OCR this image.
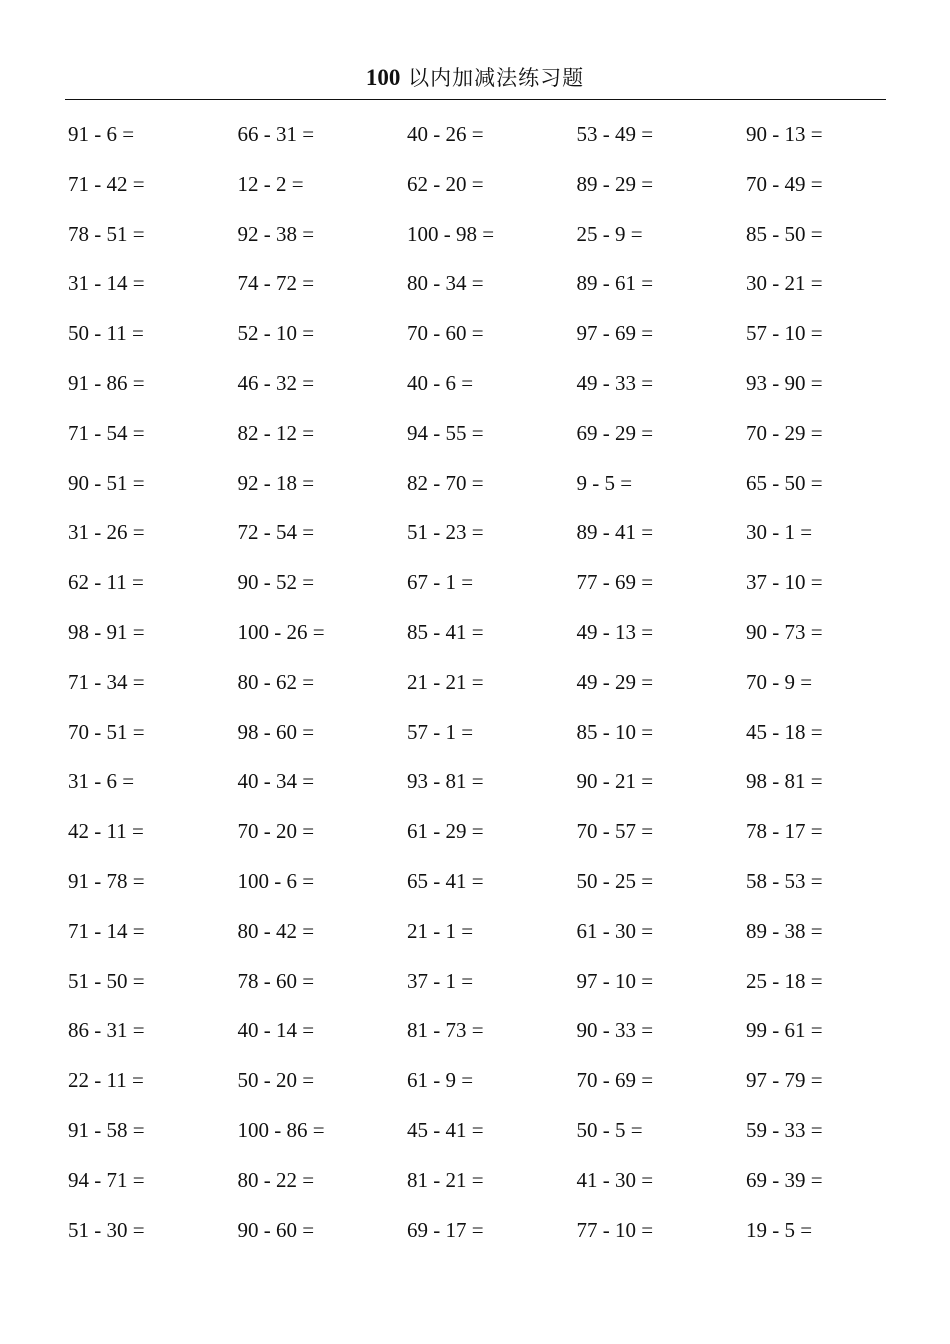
100 以内加减法练习题
91 - 6 =	66 - 31 =	40 - 26 =	53 - 49 =	90 - 13 =
71 - 42 =	12 - 2 =	62 - 20 =	89 - 29 =	70 - 49 =
78 - 51 =	92 - 38 =	100 - 98 =	25 - 9 =	85 - 50 =
31 - 14 =	74 - 72 =	80 - 34 =	89 - 61 =	30 - 21 =
50 - 11 =	52 - 10 =	70 - 60 =	97 - 69 =	57 - 10 =
91 - 86 =	46 - 32 =	40 - 6 =	49 - 33 =	93 - 90 =
71 - 54 =	82 - 12 =	94 - 55 =	69 - 29 =	70 - 29 =
90 - 51 =	92 - 18 =	82 - 70 =	9 - 5 =	65 - 50 =
31 - 26 =	72 - 54 =	51 - 23 =	89 - 41 =	30 - 1 =
62 - 11 =	90 - 52 =	67 - 1 =	77 - 69 =	37 - 10 =
98 - 91 =	100 - 26 =	85 - 41 =	49 - 13 =	90 - 73 =
71 - 34 =	80 - 62 =	21 - 21 =	49 - 29 =	70 - 9 =
70 - 51 =	98 - 60 =	57 - 1 =	85 - 10 =	45 - 18 =
31 - 6 =	40 - 34 =	93 - 81 =	90 - 21 =	98 - 81 =
42 - 11 =	70 - 20 =	61 - 29 =	70 - 57 =	78 - 17 =
91 - 78 =	100 - 6 =	65 - 41 =	50 - 25 =	58 - 53 =
71 - 14 =	80 - 42 =	21 - 1 =	61 - 30 =	89 - 38 =
51 - 50 =	78 - 60 =	37 - 1 =	97 - 10 =	25 - 18 =
86 - 31 =	40 - 14 =	81 - 73 =	90 - 33 =	99 - 61 =
22 - 11 =	50 - 20 =	61 - 9 =	70 - 69 =	97 - 79 =
91 - 58 =	100 - 86 =	45 - 41 =	50 - 5 =	59 - 33 =
94 - 71 =	80 - 22 =	81 - 21 =	41 - 30 =	69 - 39 =
51 - 30 =	90 - 60 =	69 - 17 =	77 - 10 =	19 - 5 =
